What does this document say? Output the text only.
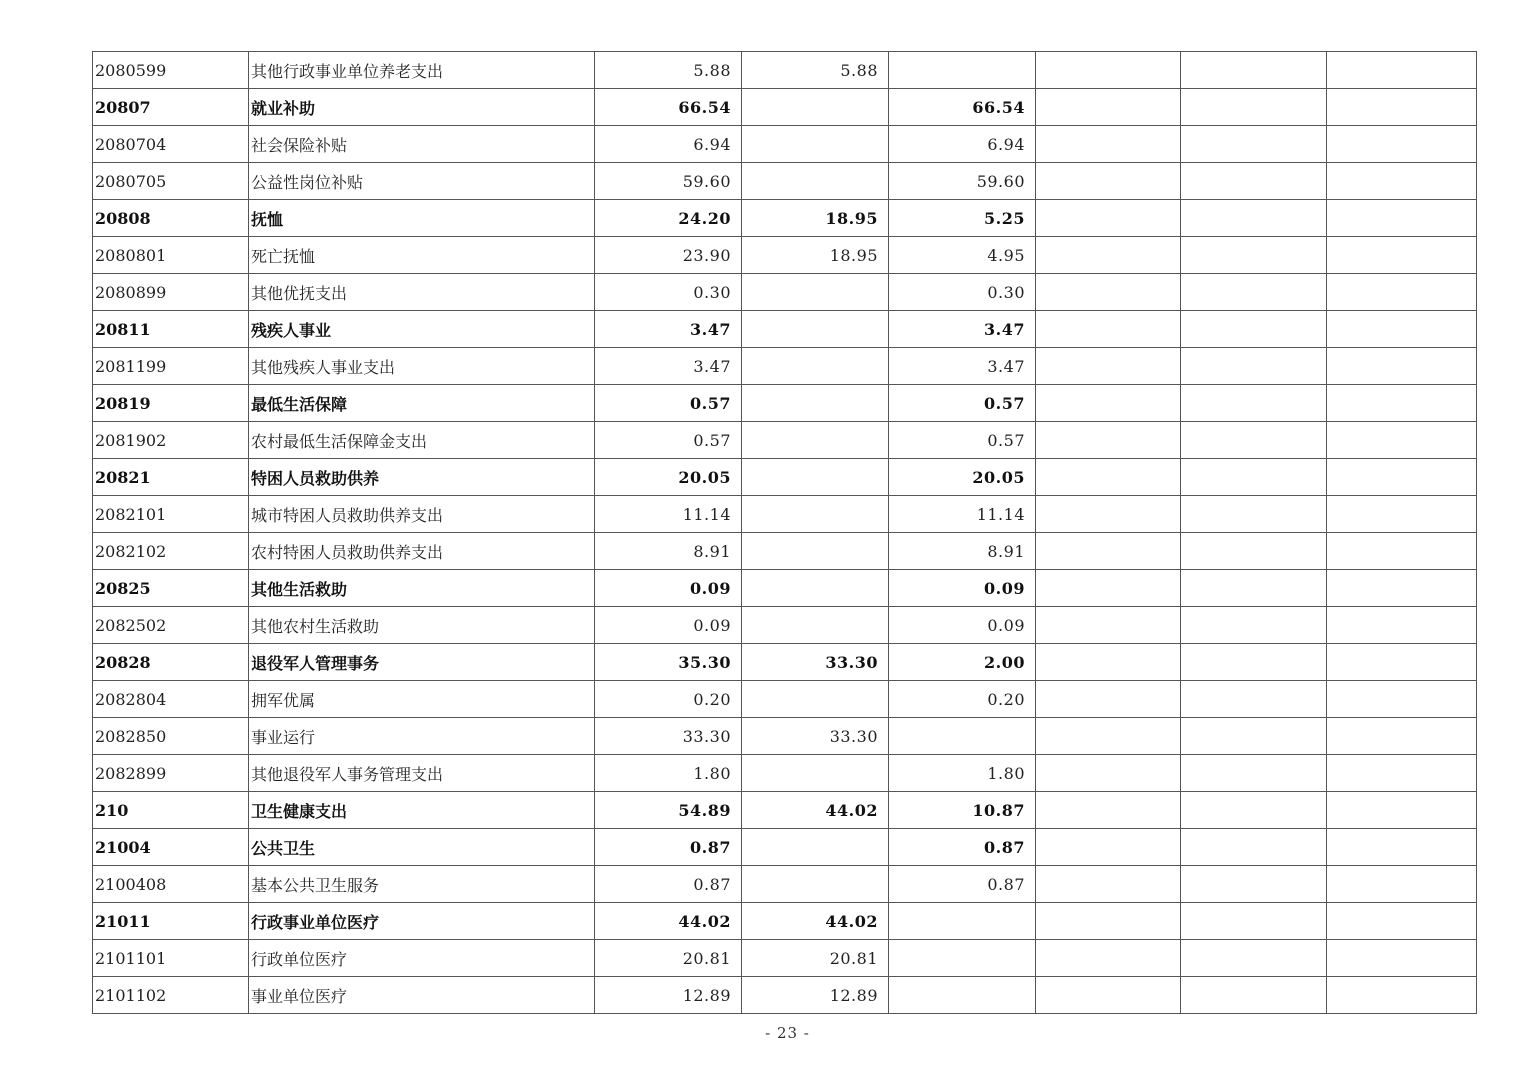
2080599	其他行政事业单位养老支出	5.88	5.88				
20807	就业补助	66.54		66.54			
2080704	社会保险补贴	6.94		6.94			
2080705	公益性岗位补贴	59.60		59.60			
20808	抚恤	24.20	18.95	5.25			
2080801	死亡抚恤	23.90	18.95	4.95			
2080899	其他优抚支出	0.30		0.30			
20811	残疾人事业	3.47		3.47			
2081199	其他残疾人事业支出	3.47		3.47			
20819	最低生活保障	0.57		0.57			
2081902	农村最低生活保障金支出	0.57		0.57			
20821	特困人员救助供养	20.05		20.05			
2082101	城市特困人员救助供养支出	11.14		11.14			
2082102	农村特困人员救助供养支出	8.91		8.91			
20825	其他生活救助	0.09		0.09			
2082502	其他农村生活救助	0.09		0.09			
20828	退役军人管理事务	35.30	33.30	2.00			
2082804	拥军优属	0.20		0.20			
2082850	事业运行	33.30	33.30				
2082899	其他退役军人事务管理支出	1.80		1.80			
210	卫生健康支出	54.89	44.02	10.87			
21004	公共卫生	0.87		0.87			
2100408	基本公共卫生服务	0.87		0.87			
21011	行政事业单位医疗	44.02	44.02				
2101101	行政单位医疗	20.81	20.81				
2101102	事业单位医疗	12.89	12.89				
- 23 -
